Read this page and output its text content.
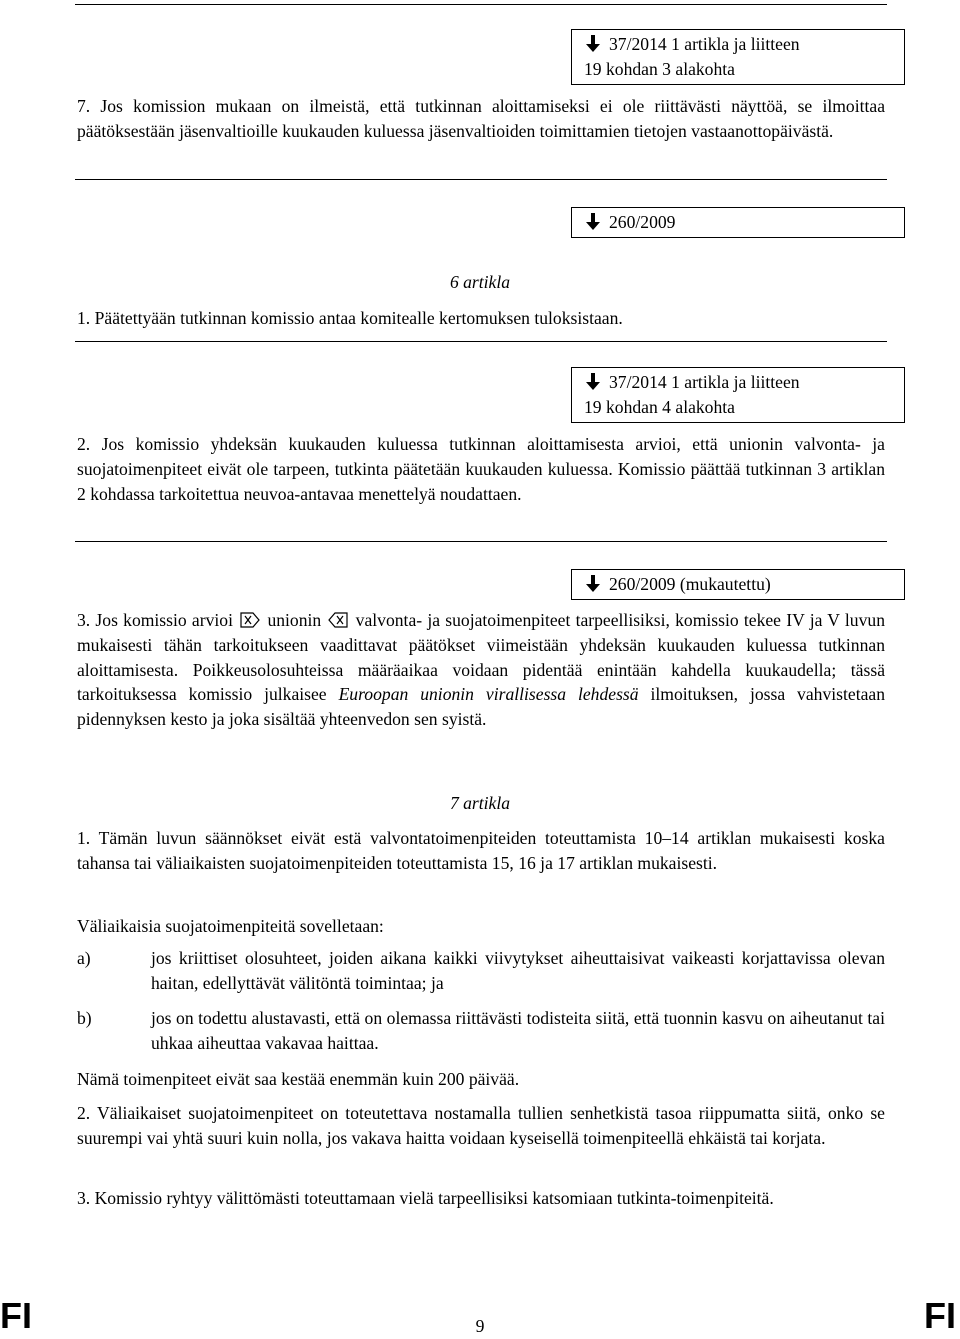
37/2014 1 artikla ja liitteen
19 kohdan 3 alakohta

7. Jos komission mukaan on ilmeistä, että tutkinnan aloittamiseksi ei ole riittävästi näyttöä, se ilmoittaa päätöksestään jäsenvaltioille kuukauden kuluessa jäsenvaltioiden toimittamien tietojen vastaanottopäivästä.

260/2009
6 artikla

1. Päätettyään tutkinnan komissio antaa komitealle kertomuksen tuloksistaan.

37/2014 1 artikla ja liitteen
19 kohdan 4 alakohta

2. Jos komissio yhdeksän kuukauden kuluessa tutkinnan aloittamisesta arvioi, että unionin valvonta- ja suojatoimenpiteet eivät ole tarpeen, tutkinta päätetään kuukauden kuluessa. Komissio päättää tutkinnan 3 artiklan 2 kohdassa tarkoitettua neuvoa-antavaa menettelyä noudattaen.

260/2009 (mukautettu)

3. Jos komissio arvioi unionin valvonta- ja suojatoimenpiteet tarpeellisiksi, komissio tekee IV ja V luvun mukaisesti tähän tarkoitukseen vaadittavat päätökset viimeistään yhdeksän kuukauden kuluessa tutkinnan aloittamisesta. Poikkeusolosuhteissa määräaikaa voidaan pidentää enintään kahdella kuukaudella; tässä tarkoituksessa komissio julkaisee Euroopan unionin virallisessa lehdessä ilmoituksen, jossa vahvistetaan pidennyksen kesto ja joka sisältää yhteenvedon sen syistä.

7 artikla

1. Tämän luvun säännökset eivät estä valvontatoimenpiteiden toteuttamista 10–14 artiklan mukaisesti koska tahansa tai väliaikaisten suojatoimenpiteiden toteuttamista 15, 16 ja 17 artiklan mukaisesti.

Väliaikaisia suojatoimenpiteitä sovelletaan:

a)	jos kriittiset olosuhteet, joiden aikana kaikki viivytykset aiheuttaisivat vaikeasti korjattavissa olevan haitan, edellyttävät välitöntä toimintaa; ja

b)	jos on todettu alustavasti, että on olemassa riittävästi todisteita siitä, että tuonnin kasvu on aiheutanut tai uhkaa aiheuttaa vakavaa haittaa.

Nämä toimenpiteet eivät saa kestää enemmän kuin 200 päivää.

2. Väliaikaiset suojatoimenpiteet on toteutettava nostamalla tullien senhetkistä tasoa riippumatta siitä, onko se suurempi vai yhtä suuri kuin nolla, jos vakava haitta voidaan kyseisellä toimenpiteellä ehkäistä tai korjata.

3. Komissio ryhtyy välittömästi toteuttamaan vielä tarpeellisiksi katsomiaan tutkinta-toimenpiteitä.

FI	9	FI
